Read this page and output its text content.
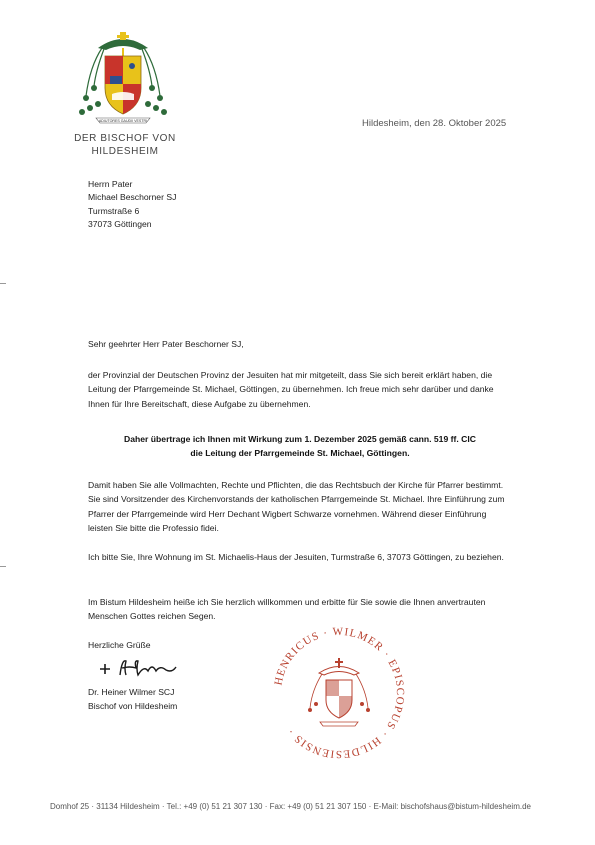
ADIUTORES GAUDII VESTRI
DER BISCHOF VON
HILDESHEIM
Hildesheim, den 28. Oktober 2025
Herrn Pater
Michael Beschorner SJ
Turmstraße 6
37073 Göttingen
Sehr geehrter Herr Pater Beschorner SJ,
der Provinzial der Deutschen Provinz der Jesuiten hat mir mitgeteilt, dass Sie sich bereit erklärt haben, die Leitung der Pfarrgemeinde St. Michael, Göttingen, zu übernehmen. Ich freue mich sehr darüber und danke Ihnen für Ihre Bereitschaft, diese Aufgabe zu übernehmen.
Daher übertrage ich Ihnen mit Wirkung zum 1. Dezember 2025 gemäß cann. 519 ff. CIC
die Leitung der Pfarrgemeinde St. Michael, Göttingen.
Damit haben Sie alle Vollmachten, Rechte und Pflichten, die das Rechtsbuch der Kirche für Pfarrer bestimmt. Sie sind Vorsitzender des Kirchenvorstands der katholischen Pfarrgemeinde St. Michael. Ihre Einführung zum Pfarrer der Pfarrgemeinde wird Herr Dechant Wigbert Schwarze vornehmen. Während dieser Einführung leisten Sie bitte die Professio fidei.
Ich bitte Sie, Ihre Wohnung im St. Michaelis-Haus der Jesuiten, Turmstraße 6, 37073 Göttingen, zu beziehen.
Im Bistum Hildesheim heiße ich Sie herzlich willkommen und erbitte für Sie sowie die Ihnen anvertrauten Menschen Gottes reichen Segen.
Herzliche Grüße
Dr. Heiner Wilmer SCJ
Bischof von Hildesheim
HENRICUS · WILMER · EPISCOPUS · HILDESIENSIS ·
Domhof 25 · 31134 Hildesheim · Tel.: +49 (0) 51 21 307 130 · Fax: +49 (0) 51 21 307 150 · E-Mail: bischofshaus@bistum-hildesheim.de
